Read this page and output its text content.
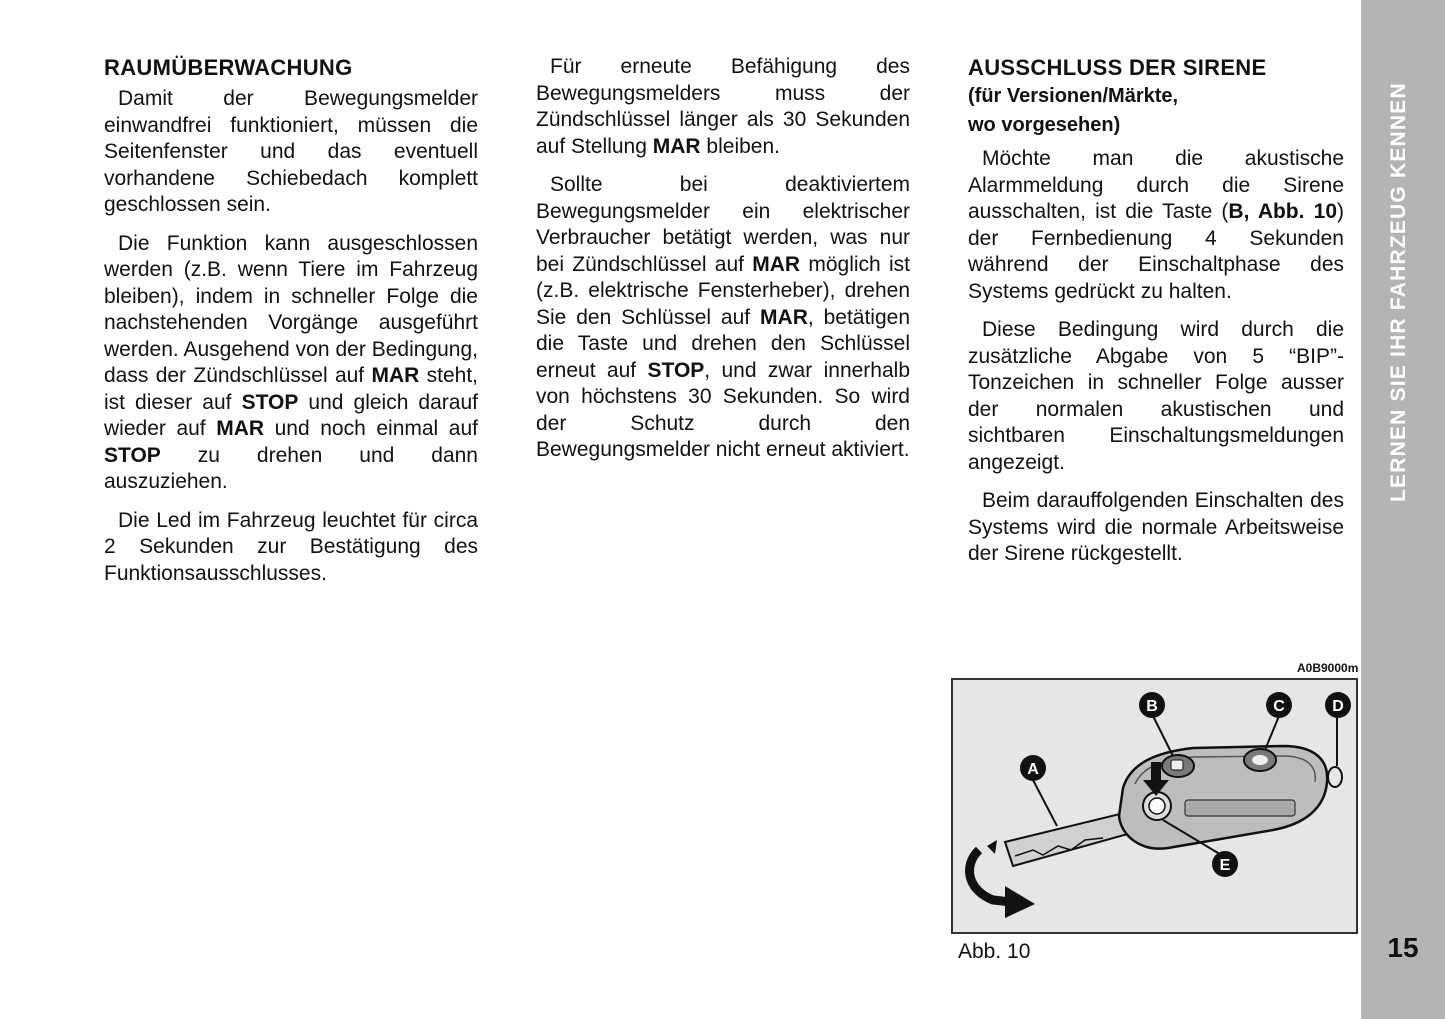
LERNEN SIE IHR FAHRZEUG KENNEN
15
RAUMÜBERWACHUNG

Damit der Bewegungsmelder einwandfrei funktioniert, müssen die Seitenfenster und das eventuell vorhandene Schiebedach komplett geschlossen sein.

Die Funktion kann ausgeschlossen werden (z.B. wenn Tiere im Fahrzeug bleiben), indem in schneller Folge die nachstehenden Vorgänge ausgeführt werden. Ausgehend von der Bedingung, dass der Zündschlüssel auf MAR steht, ist dieser auf STOP und gleich darauf wieder auf MAR und noch einmal auf STOP zu drehen und dann auszuziehen.

Die Led im Fahrzeug leuchtet für circa 2 Sekunden zur Bestätigung des Funktionsausschlusses.

Für erneute Befähigung des Bewegungsmelders muss der Zündschlüssel länger als 30 Sekunden auf Stellung MAR bleiben.

Sollte bei deaktiviertem Bewegungsmelder ein elektrischer Verbraucher betätigt werden, was nur bei Zündschlüssel auf MAR möglich ist (z.B. elektrische Fensterheber), drehen Sie den Schlüssel auf MAR, betätigen die Taste und drehen den Schlüssel erneut auf STOP, und zwar innerhalb von höchstens 30 Sekunden. So wird der Schutz durch den Bewegungsmelder nicht erneut aktiviert.

AUSSCHLUSS DER SIRENE
(für Versionen/Märkte,
wo vorgesehen)

Möchte man die akustische Alarmmeldung durch die Sirene ausschalten, ist die Taste (B, Abb. 10) der Fernbedienung 4 Sekunden während der Einschaltphase des Systems gedrückt zu halten.

Diese Bedingung wird durch die zusätzliche Abgabe von 5 “BIP”-Tonzeichen in schneller Folge ausser der normalen akustischen und sichtbaren Einschaltungsmeldungen angezeigt.

Beim darauffolgenden Einschalten des Systems wird die normale Arbeitsweise der Sirene rückgestellt.

A0B9000m
A
B	C	D
E
Abb. 10
